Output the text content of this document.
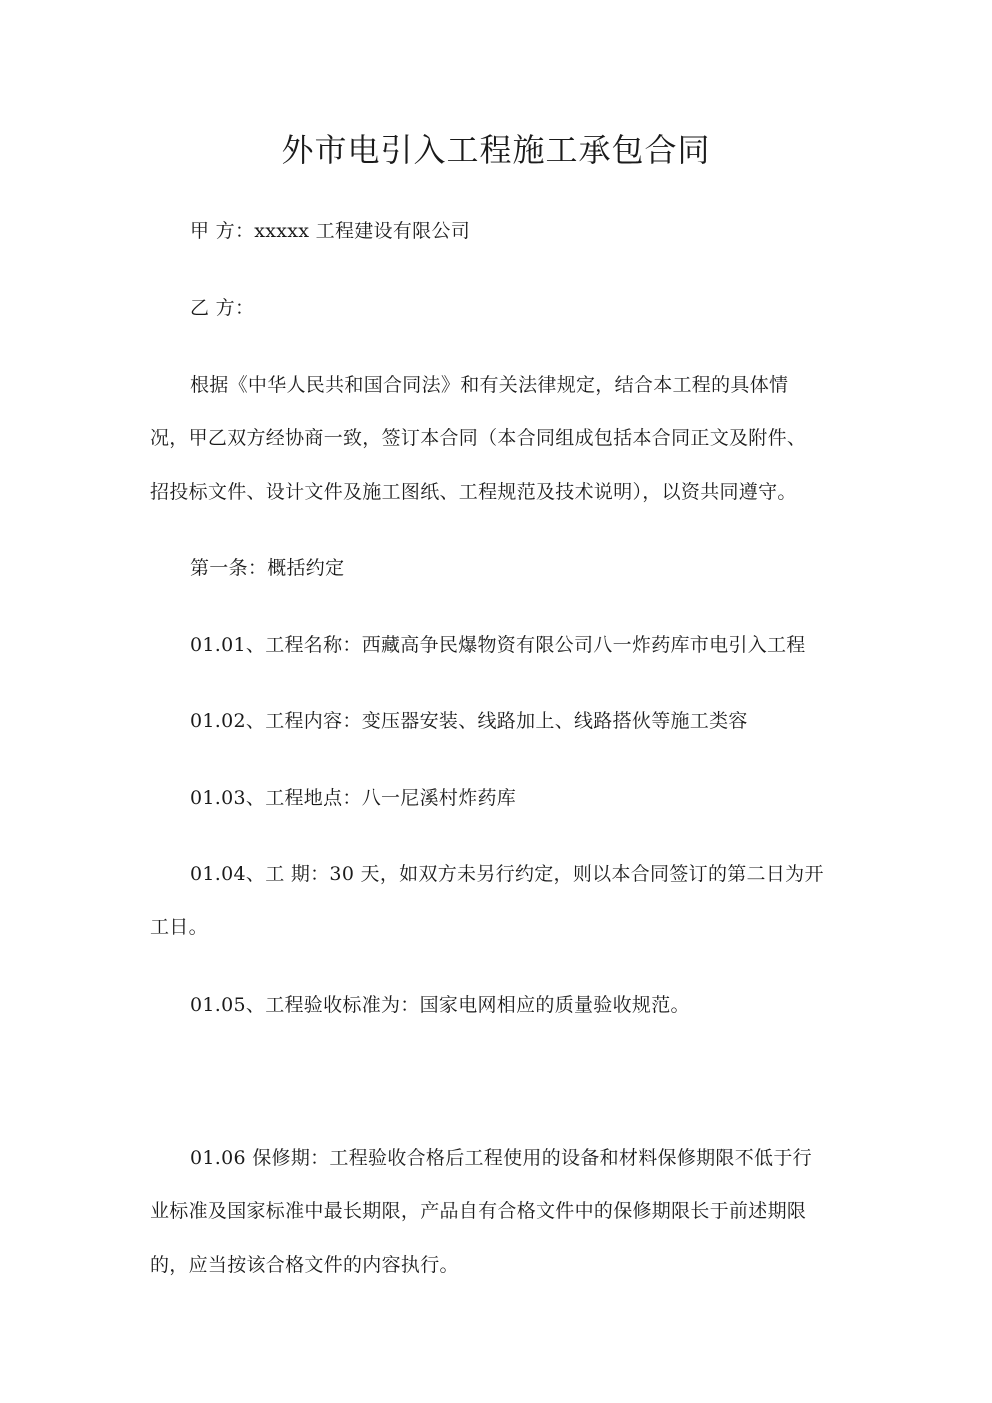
外市电引入工程施工承包合同
甲 方：xxxxx 工程建设有限公司
乙 方：
根据《中华人民共和国合同法》和有关法律规定，结合本工程的具体情
况，甲乙双方经协商一致，签订本合同（本合同组成包括本合同正文及附件、
招投标文件、设计文件及施工图纸、工程规范及技术说明），以资共同遵守。
第一条：概括约定
01.01、工程名称：西藏高争民爆物资有限公司八一炸药库市电引入工程
01.02、工程内容：变压器安装、线路加上、线路搭伙等施工类容
01.03、工程地点：八一尼溪村炸药库
01.04、工 期：30 天，如双方未另行约定，则以本合同签订的第二日为开
工日。
01.05、工程验收标准为：国家电网相应的质量验收规范。
01.06 保修期：工程验收合格后工程使用的设备和材料保修期限不低于行
业标准及国家标准中最长期限，产品自有合格文件中的保修期限长于前述期限
的，应当按该合格文件的内容执行。
